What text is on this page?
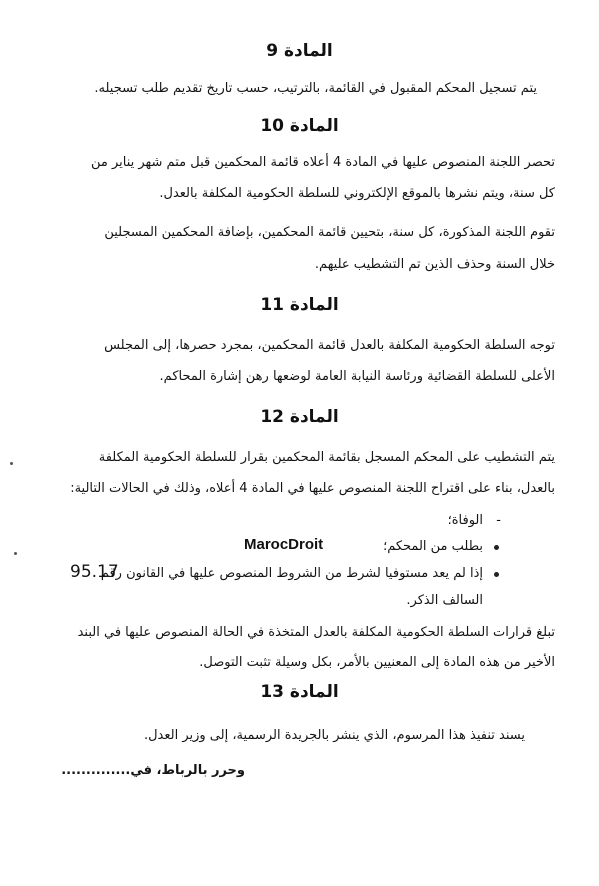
المادة 9
يتم تسجيل المحكم المقبول في القائمة، بالترتيب، حسب تاريخ تقديم طلب تسجيله.
المادة 10
تحصر اللجنة المنصوص عليها في المادة 4 أعلاه قائمة المحكمين قبل متم شهر يناير من
كل سنة، ويتم نشرها بالموقع الإلكتروني للسلطة الحكومية المكلفة بالعدل.
تقوم اللجنة المذكورة، كل سنة، بتحيين قائمة المحكمين، بإضافة المحكمين المسجلين
خلال السنة وحذف الذين تم التشطيب عليهم.
المادة 11
توجه السلطة الحكومية المكلفة بالعدل قائمة المحكمين، بمجرد حصرها، إلى المجلس
الأعلى للسلطة القضائية ورئاسة النيابة العامة لوضعها رهن إشارة المحاكم.
المادة 12
يتم التشطيب على المحكم المسجل بقائمة المحكمين بقرار للسلطة الحكومية المكلفة
بالعدل، بناء على اقتراح اللجنة المنصوص عليها في المادة 4 أعلاه، وذلك في الحالات التالية:
-
الوفاة؛
بطلب من المحكم؛
MarocDroit
إذا لم يعد مستوفيا لشرط من الشروط المنصوص عليها في القانون رقم
95.17
السالف الذكر.
تبلغ قرارات السلطة الحكومية المكلفة بالعدل المتخذة في الحالة المنصوص عليها في البند
الأخير من هذه المادة إلى المعنيين بالأمر، بكل وسيلة تثبت التوصل.
المادة 13
يسند تنفيذ هذا المرسوم، الذي ينشر بالجريدة الرسمية، إلى وزير العدل.
وحرر بالرباط، في..............
